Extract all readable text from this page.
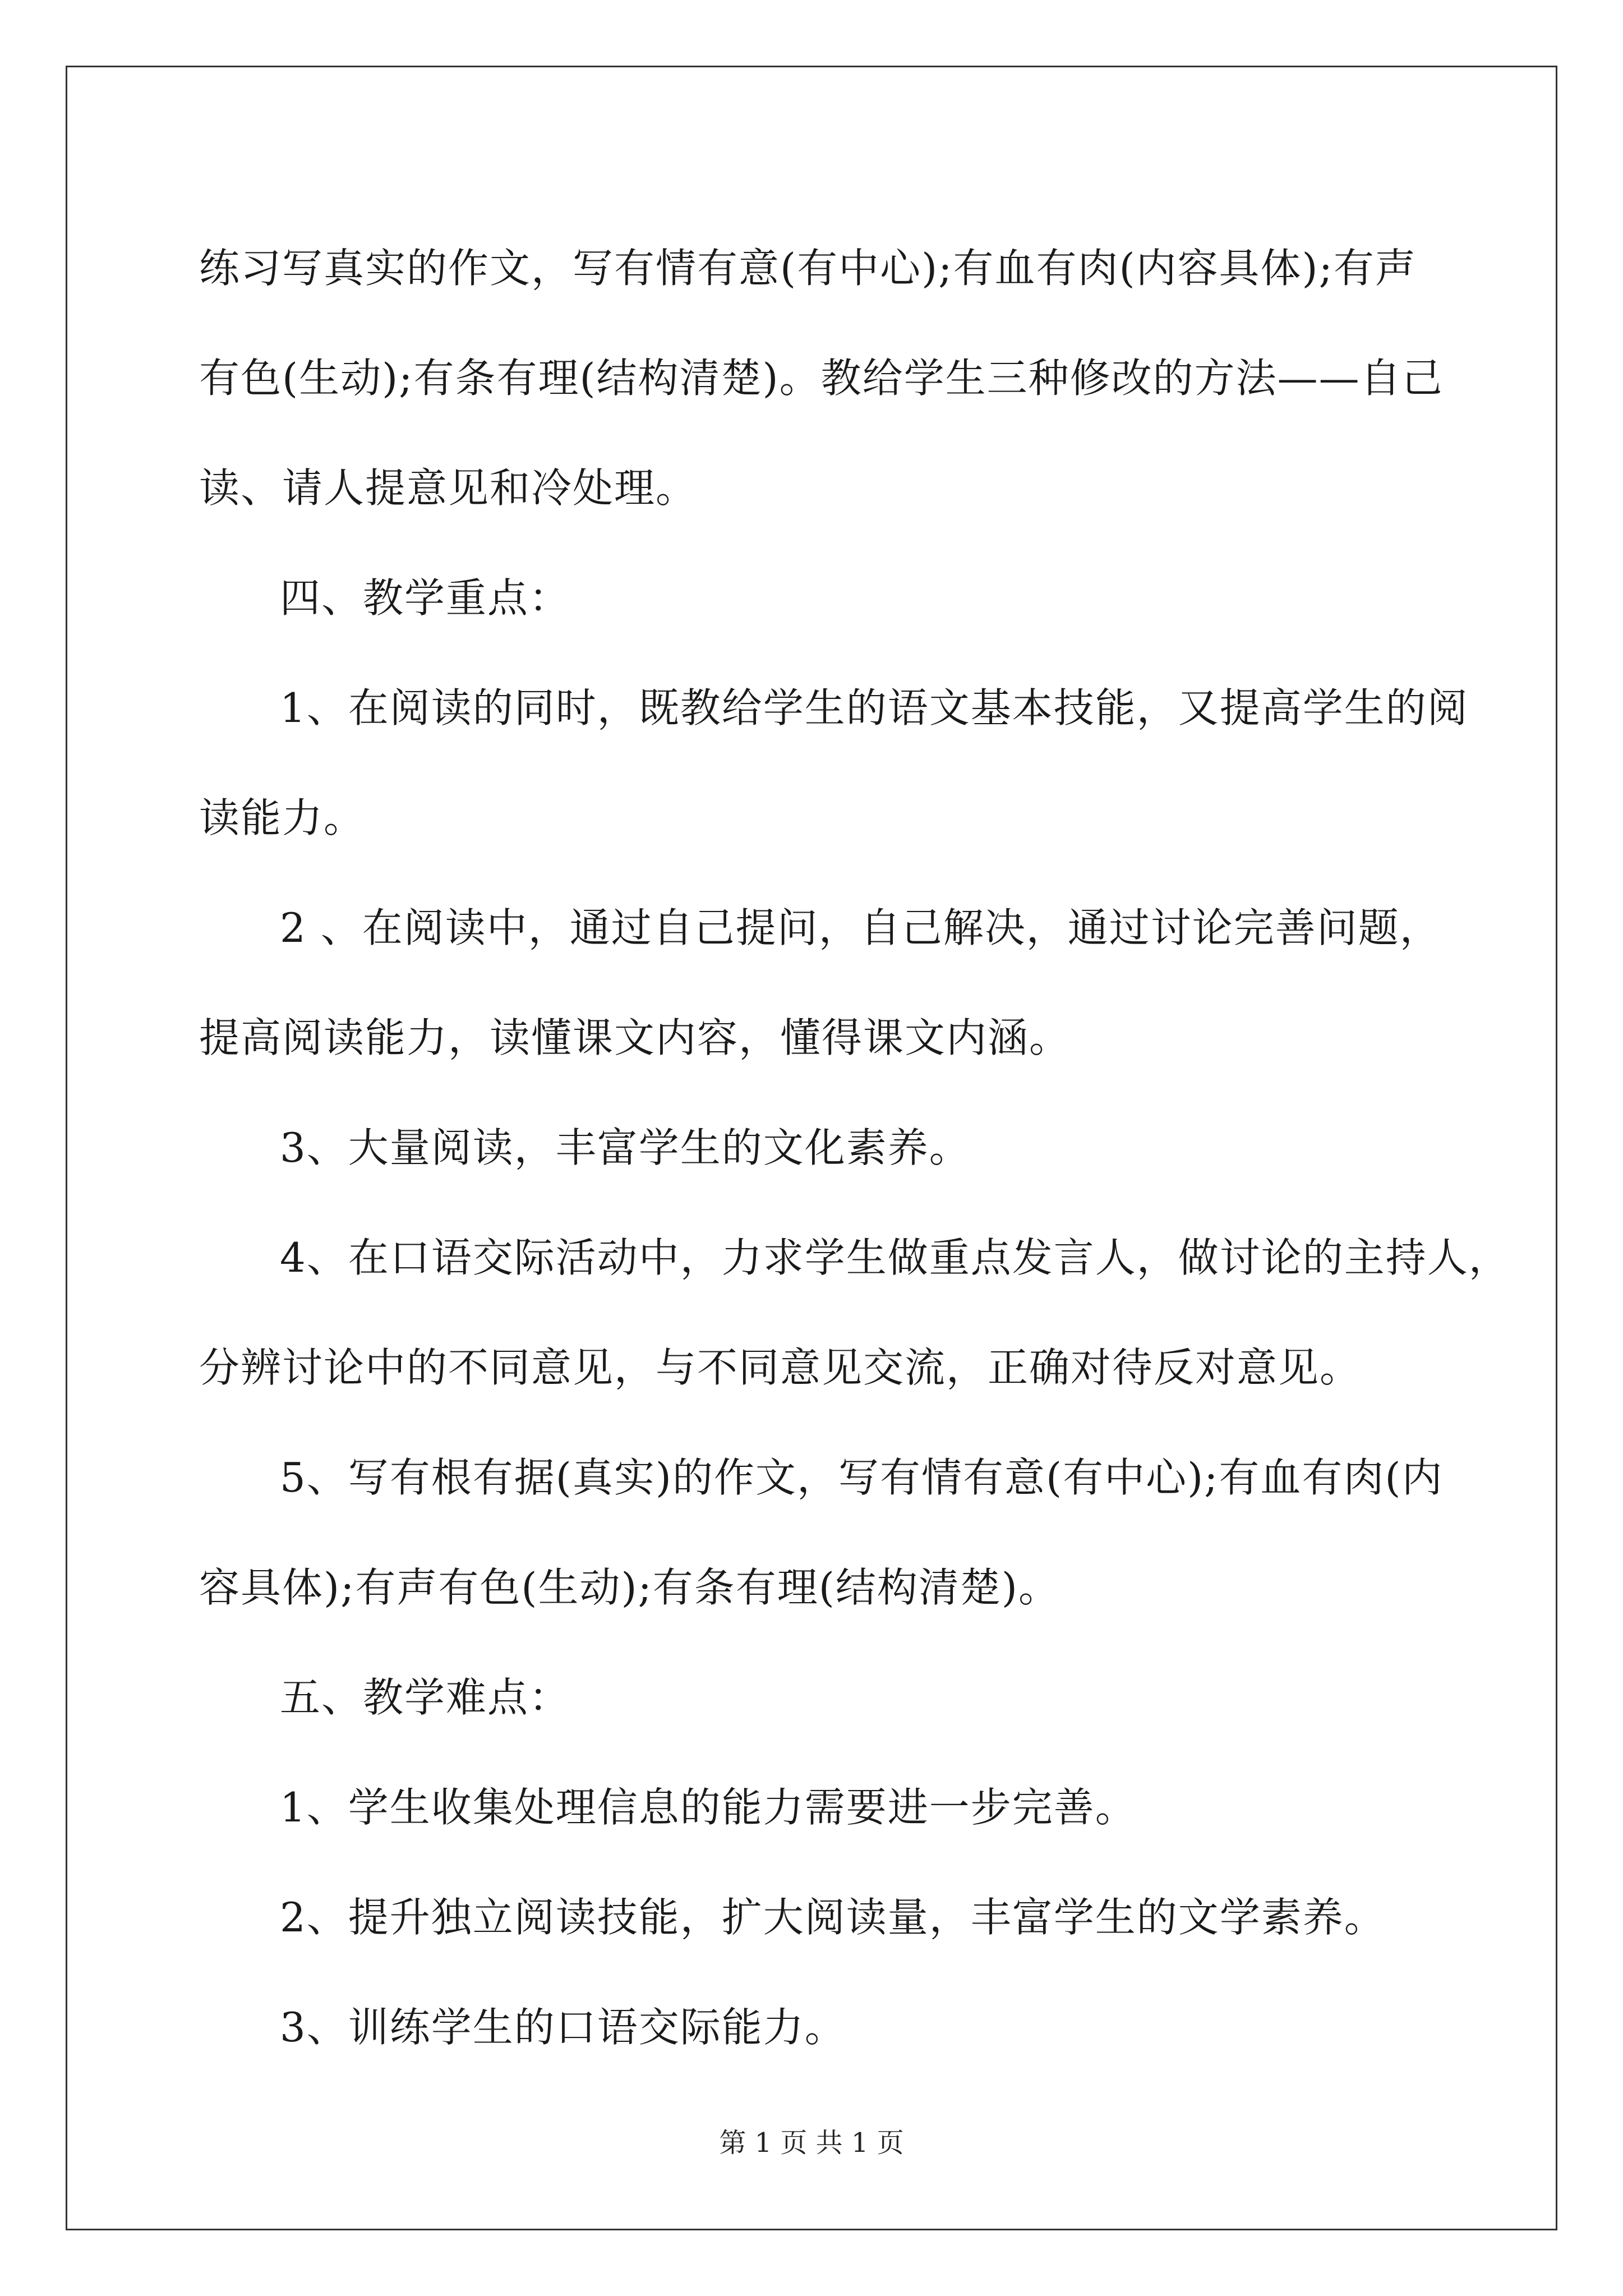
练习写真实的作文，写有情有意(有中心);有血有肉(内容具体);有声

有色(生动);有条有理(结构清楚)。教给学生三种修改的方法——自己

读、请人提意见和冷处理。

四、教学重点：

1、在阅读的同时，既教给学生的语文基本技能，又提高学生的阅

读能力。

2 、在阅读中，通过自己提问，自己解决，通过讨论完善问题，

提高阅读能力，读懂课文内容，懂得课文内涵。

3、大量阅读，丰富学生的文化素养。

4、在口语交际活动中，力求学生做重点发言人，做讨论的主持人，

分辨讨论中的不同意见，与不同意见交流，正确对待反对意见。

5、写有根有据(真实)的作文，写有情有意(有中心);有血有肉(内

容具体);有声有色(生动);有条有理(结构清楚)。

五、教学难点：

1、学生收集处理信息的能力需要进一步完善。

2、提升独立阅读技能，扩大阅读量，丰富学生的文学素养。

3、训练学生的口语交际能力。

第 1 页 共 1 页
